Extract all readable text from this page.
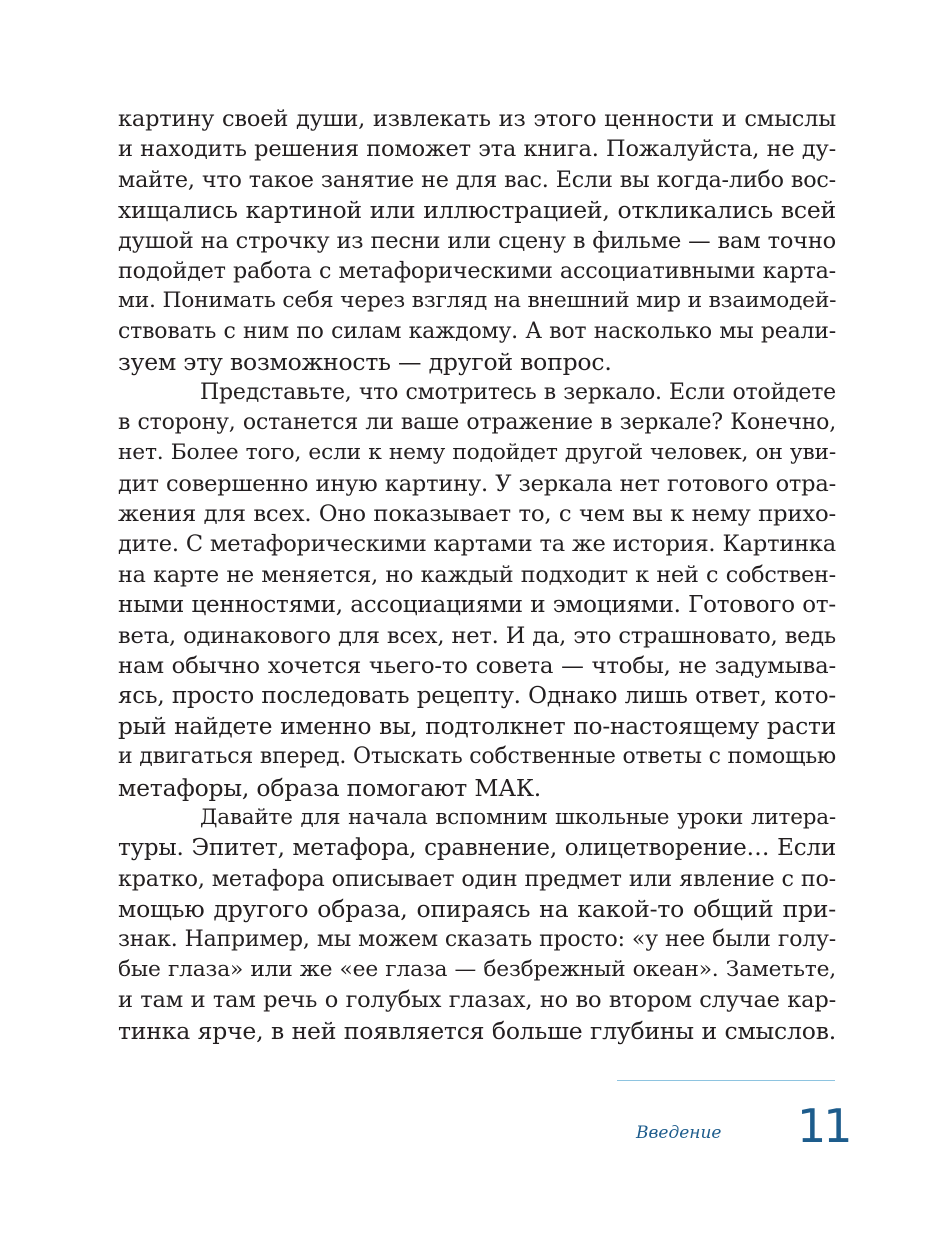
картину своей души, извлекать из этого ценности и смыслы
и находить решения поможет эта книга. Пожалуйста, не ду-
майте, что такое занятие не для вас. Если вы когда-либо вос-
хищались картиной или иллюстрацией, откликались всей
душой на строчку из песни или сцену в фильме — вам точно
подойдет работа с метафорическими ассоциативными карта-
ми. Понимать себя через взгляд на внешний мир и взаимодей-
ствовать с ним по силам каждому. А вот насколько мы реали-
зуем эту возможность — другой вопрос.
Представьте, что смотритесь в зеркало. Если отойдете
в сторону, останется ли ваше отражение в зеркале? Конечно,
нет. Более того, если к нему подойдет другой человек, он уви-
дит совершенно иную картину. У зеркала нет готового отра-
жения для всех. Оно показывает то, с чем вы к нему прихо-
дите. С метафорическими картами та же история. Картинка
на карте не меняется, но каждый подходит к ней с собствен-
ными ценностями, ассоциациями и эмоциями. Готового от-
вета, одинакового для всех, нет. И да, это страшновато, ведь
нам обычно хочется чьего-то совета — чтобы, не задумыва-
ясь, просто последовать рецепту. Однако лишь ответ, кото-
рый найдете именно вы, подтолкнет по-настоящему расти
и двигаться вперед. Отыскать собственные ответы с помощью
метафоры, образа помогают МАК.
Давайте для начала вспомним школьные уроки литера-
туры. Эпитет, метафора, сравнение, олицетворение… Если
кратко, метафора описывает один предмет или явление с по-
мощью другого образа, опираясь на какой-то общий при-
знак. Например, мы можем сказать просто: «у нее были голу-
бые глаза» или же «ее глаза — безбрежный океан». Заметьте,
и там и там речь о голубых глазах, но во втором случае кар-
тинка ярче, в ней появляется больше глубины и смыслов.
Введение 11
